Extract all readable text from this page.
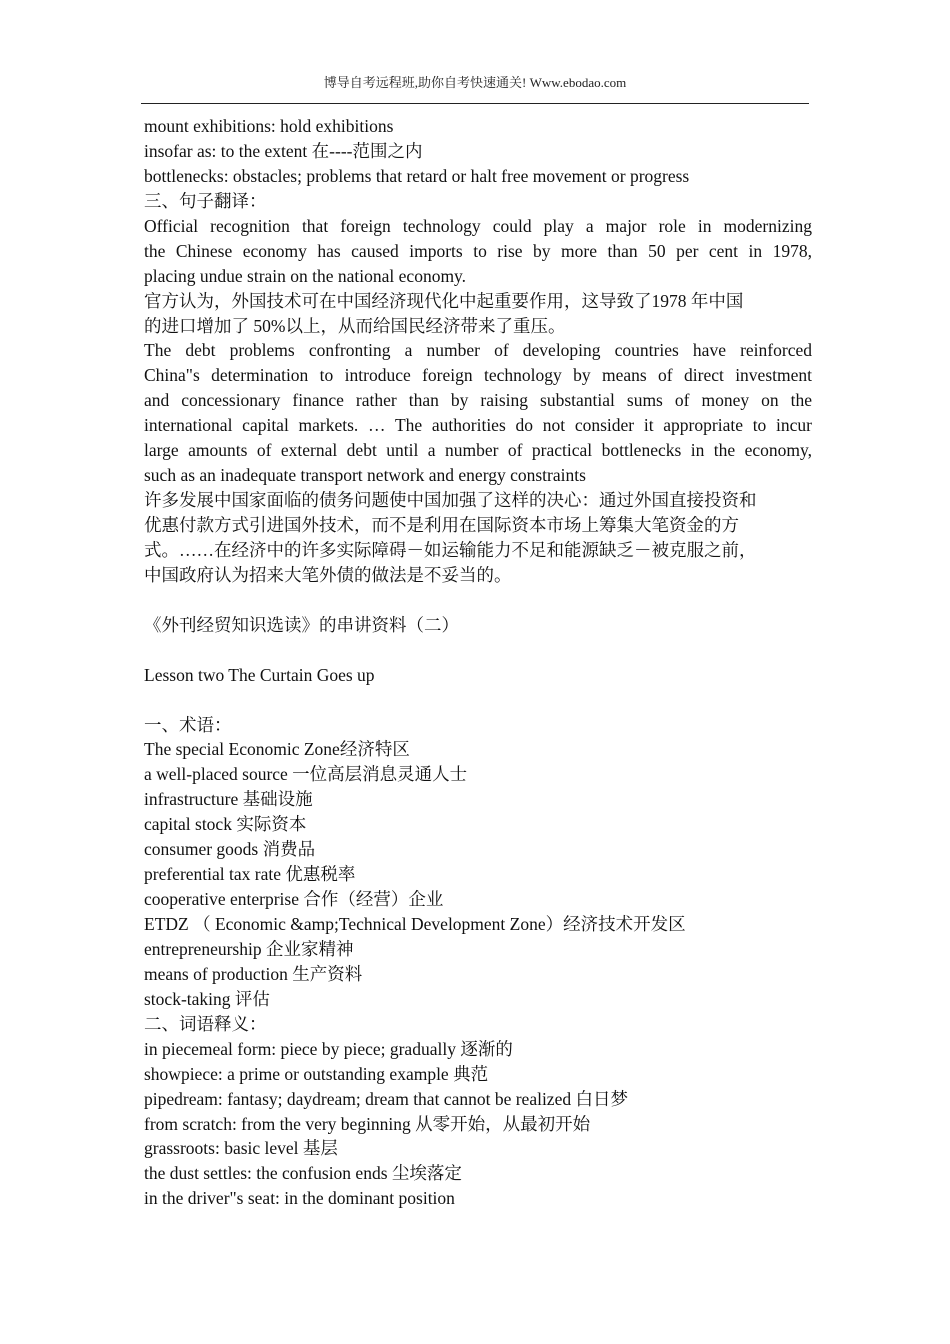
博导自考远程班,助你自考快速通关! Www.ebodao.com
mount exhibitions: hold exhibitions
insofar as: to the extent 在----范围之内
bottlenecks: obstacles; problems that retard or halt free movement or progress
三、句子翻译：
Official recognition that foreign technology could play a major role in modernizing
the Chinese economy has caused imports to rise by more than 50 per cent in 1978,
placing undue strain on the national economy.
官方认为，外国技术可在中国经济现代化中起重要作用，这导致了1978 年中国
的进口增加了 50%以上，从而给国民经济带来了重压。
The debt problems confronting a number of developing countries have reinforced
China"s determination to introduce foreign technology by means of direct investment
and concessionary finance rather than by raising substantial sums of money on the
international capital markets. … The authorities do not consider it appropriate to incur
large amounts of external debt until a number of practical bottlenecks in the economy,
such as an inadequate transport network and energy constraints
许多发展中国家面临的债务问题使中国加强了这样的决心：通过外国直接投资和
优惠付款方式引进国外技术，而不是利用在国际资本市场上筹集大笔资金的方
式。……在经济中的许多实际障碍－如运输能力不足和能源缺乏－被克服之前，
中国政府认为招来大笔外债的做法是不妥当的。
《外刊经贸知识选读》的串讲资料（二）
Lesson two The Curtain Goes up
一、术语：
The special Economic Zone经济特区
a well-placed source 一位高层消息灵通人士
infrastructure 基础设施
capital stock 实际资本
consumer goods 消费品
preferential tax rate 优惠税率
cooperative enterprise 合作（经营）企业
ETDZ （ Economic &amp;Technical Development Zone）经济技术开发区
entrepreneurship 企业家精神
means of production 生产资料
stock-taking 评估
二、词语释义：
in piecemeal form: piece by piece; gradually 逐渐的
showpiece: a prime or outstanding example 典范
pipedream: fantasy; daydream; dream that cannot be realized 白日梦
from scratch: from the very beginning 从零开始，从最初开始
grassroots: basic level 基层
the dust settles: the confusion ends 尘埃落定
in the driver"s seat: in the dominant position
